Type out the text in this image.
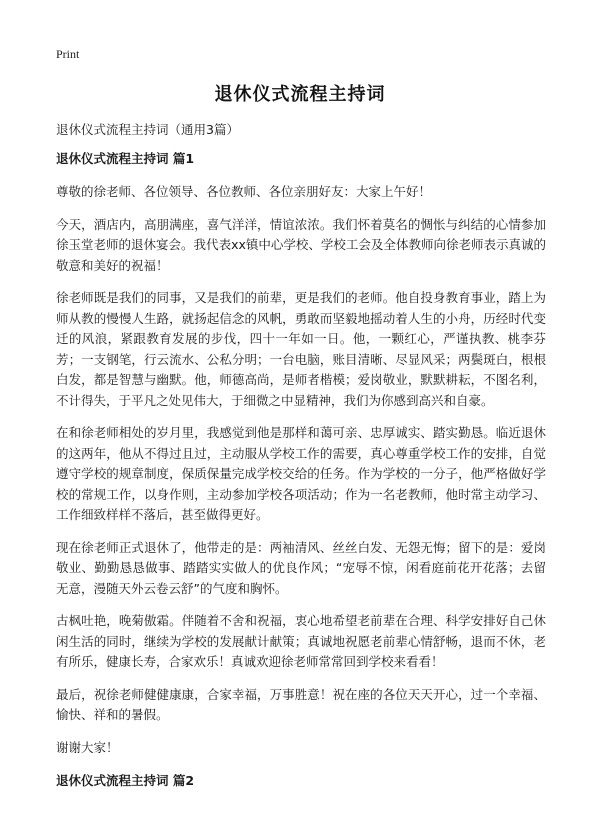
Print
退休仪式流程主持词

退休仪式流程主持词（通用3篇）

退休仪式流程主持词 篇1

尊敬的徐老师、各位领导、各位教师、各位亲朋好友：大家上午好！

今天，酒店内，高朋满座，喜气洋洋，情谊浓浓。我们怀着莫名的惆怅与纠结的心情参加徐玉堂老师的退休宴会。我代表xx镇中心学校、学校工会及全体教师向徐老师表示真诚的敬意和美好的祝福！

徐老师既是我们的同事，又是我们的前辈，更是我们的老师。他自投身教育事业，踏上为师从教的慢慢人生路，就扬起信念的风帆，勇敢而坚毅地摇动着人生的小舟，历经时代变迁的风浪，紧跟教育发展的步伐，四十一年如一日。他，一颗红心，严谨执教、桃李芬芳；一支钢笔，行云流水、公私分明；一台电脑，账目清晰、尽显风采；两鬓斑白，根根白发，都是智慧与幽默。他，师德高尚，是师者楷模；爱岗敬业，默默耕耘，不图名利，不计得失，于平凡之处见伟大，于细微之中显精神，我们为你感到高兴和自豪。

在和徐老师相处的岁月里，我感觉到他是那样和蔼可亲、忠厚诚实、踏实勤恳。临近退休的这两年，他从不得过且过，主动服从学校工作的需要，真心尊重学校工作的安排，自觉遵守学校的规章制度，保质保量完成学校交给的任务。作为学校的一分子，他严格做好学校的常规工作，以身作则，主动参加学校各项活动；作为一名老教师，他时常主动学习、工作细致样样不落后，甚至做得更好。

现在徐老师正式退休了，他带走的是：两袖清风、丝丝白发、无怨无悔；留下的是：爱岗敬业、勤勤恳恳做事、踏踏实实做人的优良作风；“宠辱不惊，闲看庭前花开花落；去留无意，漫随天外云卷云舒”的气度和胸怀。

古枫吐艳，晚菊傲霜。伴随着不舍和祝福，衷心地希望老前辈在合理、科学安排好自己休闲生活的同时，继续为学校的发展献计献策；真诚地祝愿老前辈心情舒畅，退而不休，老有所乐，健康长寿，合家欢乐！真诚欢迎徐老师常常回到学校来看看！

最后，祝徐老师健健康康，合家幸福，万事胜意！祝在座的各位天天开心，过一个幸福、愉快、祥和的暑假。

谢谢大家！

退休仪式流程主持词 篇2
